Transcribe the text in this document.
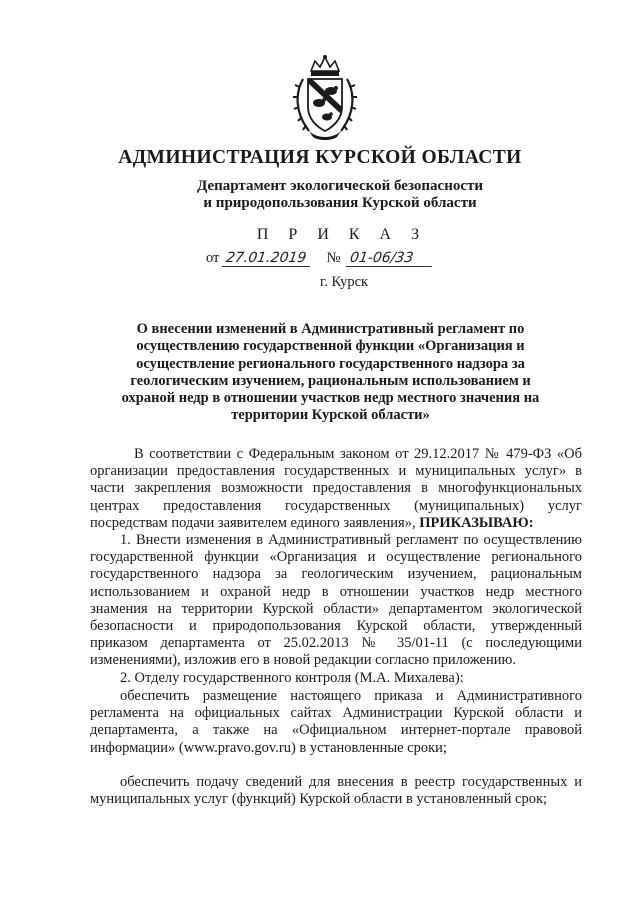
АДМИНИСТРАЦИЯ КУРСКОЙ ОБЛАСТИ
Департамент экологической безопасности
и природопользования Курской области
П Р И К А З
от 27.01.2019 № 01-06/33
г. Курск
О внесении изменений в Административный регламент по осуществлению государственной функции «Организация и осуществление регионального государственного надзора за геологическим изучением, рациональным использованием и охраной недр в отношении участков недр местного значения на территории Курской области»
В соответствии с Федеральным законом от 29.12.2017 № 479-ФЗ «Об организации предоставления государственных и муниципальных услуг» в части закрепления возможности предоставления в многофункциональных центрах предоставления государственных (муниципальных) услуг посредствам подачи заявителем единого заявления», ПРИКАЗЫВАЮ:
1. Внести изменения в Административный регламент по осуществлению государственной функции «Организация и осуществление регионального государственного надзора за геологическим изучением, рациональным использованием и охраной недр в отношении участков недр местного знамения на территории Курской области» департаментом экологической безопасности и природопользования Курской области, утвержденный приказом департамента от 25.02.2013 № 35/01-11 (с последующими изменениями), изложив его в новой редакции согласно приложению.
2. Отделу государственного контроля (М.А. Михалева):
обеспечить размещение настоящего приказа и Административного регламента на официальных сайтах Администрации Курской области и департамента, а также на «Официальном интернет-портале правовой информации» (www.pravo.gov.ru) в установленные сроки;
обеспечить подачу сведений для внесения в реестр государственных и муниципальных услуг (функций) Курской области в установленный срок;
